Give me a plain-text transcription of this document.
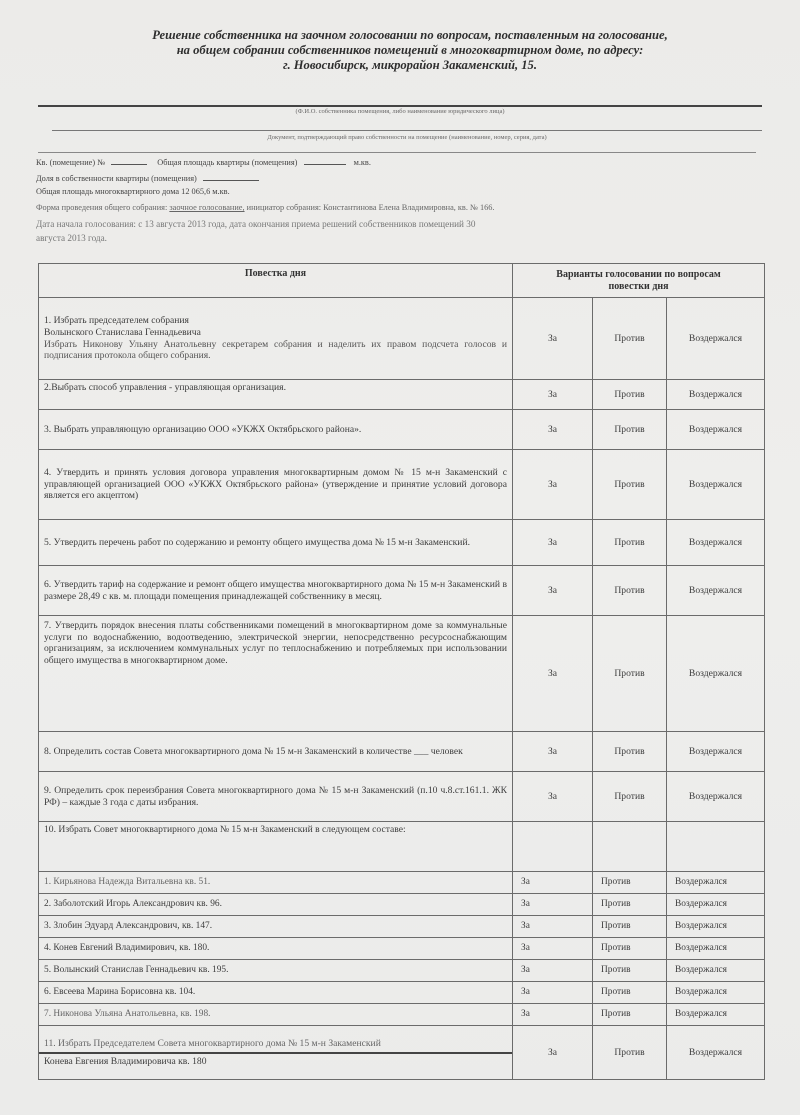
Решение собственника на заочном голосовании по вопросам, поставленным на голосование,
на общем собрании собственников помещений в многоквартирном доме, по адресу:
г. Новосибирск, микрорайон Закаменский, 15.
(Ф.И.О. собственника помещения, либо наименование юридического лица)
Документ, подтверждающий право собственности на помещение (наименование, номер, серия, дата)
Кв. (помещение) №	Общая площадь квартиры (помещения)	м.кв.
Доля в собственности квартиры (помещения)
Общая площадь многоквартирного дома 12 065,6 м.кв.
Форма проведения общего собрания: заочное голосование, инициатор собрания: Константинова Елена Владимировна, кв. № 166.
Дата начала голосования: с 13 августа 2013 года, дата окончания приема решений собственников помещений 30
августа 2013 года.
Повестка дня	Варианты голосовании по вопросам повестки дня		

1. Избрать председателем собрания
Волынского Станислава Геннадьевича
Избрать Никонову Ульяну Анатольевну секретарем собрания и наделить их правом подсчета голосов и подписания протокола общего собрания.	За	Против	Воздержался
2.Выбрать способ управления - управляющая организация.	За	Против	Воздержался
3. Выбрать управляющую организацию ООО «УКЖХ Октябрьского района».	За	Против	Воздержался
4. Утвердить и принять условия договора управления многоквартирным домом № 15 м-н Закаменский с управляющей организацией ООО «УКЖХ Октябрьского района» (утверждение и принятие условий договора является его акцептом)	За	Против	Воздержался
5. Утвердить перечень работ по содержанию и ремонту общего имущества дома № 15 м-н Закаменский.	За	Против	Воздержался
6. Утвердить тариф на содержание и ремонт общего имущества многоквартирного дома № 15 м-н Закаменский в размере 28,49 с кв. м. площади помещения принадлежащей собственнику в месяц.	За	Против	Воздержался
7. Утвердить порядок внесения платы собственниками помещений в многоквартирном доме за коммунальные услуги по водоснабжению, водоотведению, электрической энергии, непосредственно ресурсоснабжающим организациям, за исключением коммунальных услуг по теплоснабжению и потребляемых при использовании общего имущества в многоквартирном доме.	За	Против	Воздержался
8. Определить состав Совета многоквартирного дома № 15 м-н Закаменский в количестве ___ человек	За	Против	Воздержался
9. Определить срок переизбрания Совета многоквартирного дома № 15 м-н Закаменский (п.10 ч.8.ст.161.1. ЖК РФ) – каждые 3 года с даты избрания.	За	Против	Воздержался
10. Избрать Совет многоквартирного дома № 15 м-н Закаменский в следующем составе:			
1. Кирьянова Надежда Витальевна кв. 51.	За	Против	Воздержался
2. Заболотский Игорь Александрович кв. 96.	За	Против	Воздержался
3. Злобин Эдуард Александрович, кв. 147.	За	Против	Воздержался
4. Конев Евгений Владимирович, кв. 180.	За	Против	Воздержался
5. Волынский Станислав Геннадьевич кв. 195.	За	Против	Воздержался
6. Евсеева Марина Борисовна кв. 104.	За	Против	Воздержался
7. Никонова Ульяна Анатольевна, кв. 198.	За	Против	Воздержался

11. Избрать Председателем Совета многоквартирного дома № 15 м-н Закаменский
Конева Евгения Владимировича кв. 180	За	Против	Воздержался
